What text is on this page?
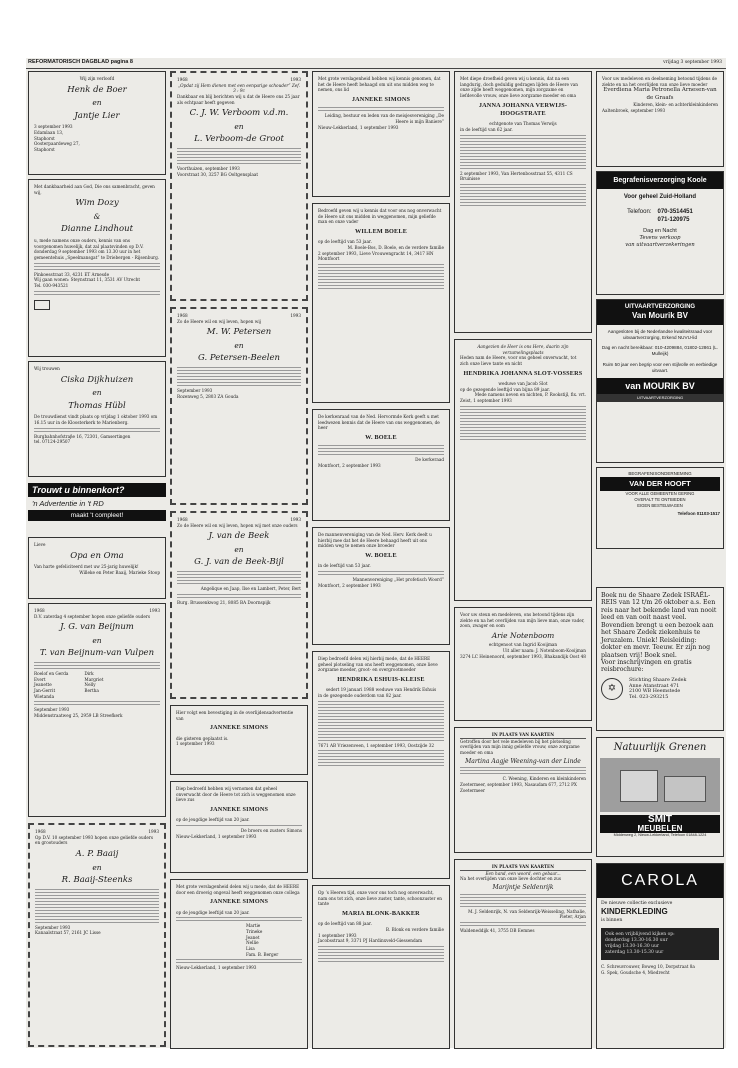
REFORMATORISCH DAGBLAD pagina 8	vrijdag 3 september 1993
Wij zijn verloofd
Henk de Boer
en
Jantje Lier
3 september 1993
Edamlaan 13,
Staphorst
Oosterpaardeweg 27,
Staphorst
Met dankbaarheid aan God, Die ons samenbracht, geven wij,
Wim Dozy
&
Dianne Lindhout
u, mede namens onze ouders, kennis van ons voorgenomen huwelijk, dat zal plaatsvinden op D.V. donderdag 9 september 1993 om 13.30 uur in het gemeentehuis „Speelmansgat” te Driebergen - Rijsenburg.
Pinkoesstraat 33, 4231 ET Arnesde
Wij gaan wonen: Steynstraat 11, 3531 AV Utrecht
Tel. 030-943521
Wij trouwen
Ciska Dijkhuizen
en
Thomas Hübl
De trouwdienst vindt plaats op vrijdag 1 oktober 1993 om 16.15 uur in de Kloosterkerk te Marienberg.
Burgbahnhofstraβe 16, 72301, Gamsertingen
tel. 07124-29507
Trouwt u binnenkort?
'n Advertentie in 't RD
maakt 't compleet!
Lieve
Opa en Oma
Van harte gefeliciteerd met uw 25-jarig huwelijk!
Willeke en Peter Baaij, Marieke Stoop
1968	1993
D.V. zaterdag 4 september hopen onze geliefde ouders
J. G. van Beijnum
en
T. van Beijnum-van Vulpen
Roelof en Gerda
Evert
Jeanette
Jan-Gerrit
Wietanda
Dirk
Margriet
Nelly
Bertha
September 1993
Middenstraatweg 25, 2959 LB Streefkerk
1968	1993
Op D.V. 10 september 1993 hopen onze geliefde ouders en grootouders
A. P. Baaij
en
R. Baaij-Steenks
September 1993
Kanaalstraat 57, 2161 JC Lisse
1968	1993
„Opdat zij Hem dienen met een eenparige schouder” Zef. 3 : 9c
Dankbaar en blij berichten wij u dat de Heere ons 25 jaar als echtpaar heeft gegeven
C. J. W. Verboom v.d.m.
en
L. Verboom-de Groot
Voorthuizen, september 1993
Voorstraat 30, 3257 BG Ooltgensplaat
1968	1993
Zo de Heere wil en wij leven, hopen wij
M. W. Petersen
en
G. Petersen-Beelen
September 1993
Rozenweg 5, 2803 ZA Gouda
1968	1993
Zo de Heere wil en wij leven, hopen wij met onze ouders
J. van de Beek
en
G. J. van de Beek-Bijl
Angelique en Jaap, Ilse en Lambert, Peter, Bert
Burg. Brussenkwog 21, 8085 BA Doornspijk
Hier volgt een bevestiging in de overlijdensadvertentie van
JANNEKE SIMONS
die gisteren geplaatst is.
1 september 1993
Diep bedroefd hebben wij vernomen dat geheel onverwacht door de Heere tot zich is weggenomen onze lieve zus
JANNEKE SIMONS
op de jeugdige leeftijd van 20 jaar.
De broers en zusters Simons
Nieuw-Lekkerland, 1 september 1993
Met grote verslagenheid delen wij u mede, dat de HEERE door een droevig ongeval heeft weggenomen onze collega
JANNEKE SIMONS
op de jeugdige leeftijd van 20 jaar.
Martie
Trineke
Jeanet
Nellie
Lisa
Fam. B. Berger
Nieuw-Lekkerland, 1 september 1993
Met grote verslagenheid hebben wij kennis genomen, dat het de Heere heeft behaagd om uit ons midden weg te nemen, ons lid
JANNEKE SIMONS
Leiding, bestuur en leden van de meisjesvereniging „De Heere is mijn Baniere”
Nieuw-Lekkerland, 1 september 1993
Bedroefd geven wij u kennis dat voor ons nog onverwacht de Heere uit ons midden in weggenomen, mijn geliefde man en onze vader
WILLEM BOELE
op de leeftijd van 53 jaar.
M. Boele-Bos, D. Boele, en de verdere familie
2 september 1993, Lieve Vrouwengracht 14, 3417 HN Montfoort
De kerkenraad van de Ned. Hervormde Kerk geeft u met leedwezen kennis dat de Heere van ons weggenomen, de heer
W. BOELE
De kerkeraad
Montfoort, 2 september 1993
De mannenvereniging van de Ned. Herv. Kerk deelt u hierbij mee dat het de Heere behaagd heeft uit ons midden weg te nemen onze broeder
W. BOELE
in de leeftijd van 53 jaar.
Mannenvereniging „Het profetisch Woord”
Montfoort, 2 september 1993
Diep bedroefd delen wij hierbij mede, dat de HEERE geheel plotseling van ons heeft weggenomen, onze lieve zorgzame moeder, groot- en overgrootmoeder
HENDRIKA ESHUIS-KLEISE
sedert 19 januari 1988 weduwe van Hendrik Eshuis
in de gezegende ouderdom van 82 jaar.
7671 AB Vriezenveen, 1 september 1993, Oostzijde 32
Op ’s Heeren tijd, onze voor ons toch nog onverwacht, nam ons tot zich, onze lieve zuster, tante, schoonzuster en tante
MARIA BLONK-BAKKER
op de leeftijd van 88 jaar.
B. Blonk en verdere familie
1 september 1993
Jacobsstraat 9, 3371 PJ Hardinxveld-Giessendam
Met diepe droefheid geven wij u kennis, dat na een langdurig, doch geduldig gedragen lijden de Heere van onze zijde heeft weggenomen, mijn zorgzame en liefdevolle vrouw, onze lieve zorgzame moeder en oma
JANNA JOHANNA VERWIJS-HOOGSTRATE
echtgenote van Thomas Verwijs
in de leeftijd van 62 jaar.
2 september 1993, Van Hertenbosstraat 55, 4311 CS Bruinisse
Aangezien de Heer is ons Here, daarin zijn verzamelingsplaats
Heden nam de Heere, voor ons geheel onverwacht, tot zich onze lieve tante en nicht
HENDRIKA JOHANNA SLOT-VOSSERS
weduwe van Jacob Slot
op de gezegende leeftijd van bijna 89 jaar.
Mede namens neven en nichten, P. Rookstijl, fix. vrt.
Zeist, 1 september 1993
Voor uw steun en medeleven, ons betoond tijdens zijn ziekte en na het overlijden van mijn lieve man, onze vader, zoon, zwager en oom
Arie Notenboom
echtgenoot van Ingrid Kooijman
Uit aller naam: J. Notenboom-Kooijman
3274 LC Heinenoord, september 1993, Bhakandijk Oost 48
IN PLAATS VAN KAARTEN
Getroffen door het vele medeleven bij het plotseling overlijden van mijn innig geliefde vrouw, onze zorgzame moeder en oma
Martina Aagje Weening-van der Linde
C. Weening, Kinderen en kleinkinderen
Zoetermeer, september 1993, Nasaudam 677, 2712 PX Zoetermeer
IN PLAATS VAN KAARTEN
Een hand, een woord, een gebaar...
Na het overlijden van onze lieve dochter en zus
Marijntje Seldenrijk
M. J. Seldenrijk, N. van Seldenrijk-Weisseling, Nathalie, Pieter, Arjan
Waldeneddijk 41, 3755 DB Eemnes
Voor uw medeleven en deelneming betoond tijdens de ziekte en na het overlijden van onze lieve moeder
Everdiena Maria Petronella Arnesen-van de Graafs
Kinderen, klein- en achterkleinkinderen
Aaltenbroek, september 1993
Begrafenisverzorging Koole
Voor geheel Zuid-Holland
Telefoon: 070-3514451
071-120975
Dag en Nacht
Tevens verkoop
van uitvaartverzekeringen
UITVAARTVERZORGING
Van Mourik BV
Aangesloten bij de Nederlandse kwaliteitsraad voor uitvaartverzorging, Erkend NUVU-lid
Dag en nacht bereikbaar: 010-4209884, 01802-12861 (L. Mulleijk)
Ruim 50 jaar een begrip voor een stijlvolle en eerbiedige uitvaart.
van MOURIK BV
UITVAARTVERZORGING
BEGRAFENISONDERNEMING
VAN DER HOOFT
VOOR ALLE GEMEENTEN GERING
OVERALT TE ONTBIEDEN
EIGEN BESTELWAGEN
Telefoon 01103-1517
Boek nu de Shaare Zedek ISRAËL-REIS van 12 t/m 26 oktober a.s. Een reis naar het bekende land van nooit leed en van ooit naast veel. Bovendien brengt u een bezoek aan het Shaare Zedek ziekenhuis te Jeruzalem. Uniek! Reisleiding: dokter en mevr. Teeuw. Er zijn nog plaatsen vrij! Boek snel.
Voor inschrijvingen en gratis reisbrochure:
✡
Stichting Shaare Zedek
Anne Atanstraat 471
2100 WB Heemstede
Tel. 023-293215
Natuurlijk Grenen
SMIT
MEUBELEN
Middenweg 2, Nieuw-Lekkerland, Telefoon 01848-1224
CAROLA
De nieuwe collectie exclusieve
KINDERKLEDING
is binnen
Ook een vrijblijvend kijken op:
donderdag 13.30-16.30 uur
vrijdag 13.30-16.30 uur
zaterdag 13.30-15.30 uur
C. Schreuvrouwer, Boweg 10, Dorpstraat 8a
G. Spek, Goudsche 4, Miedrecht
